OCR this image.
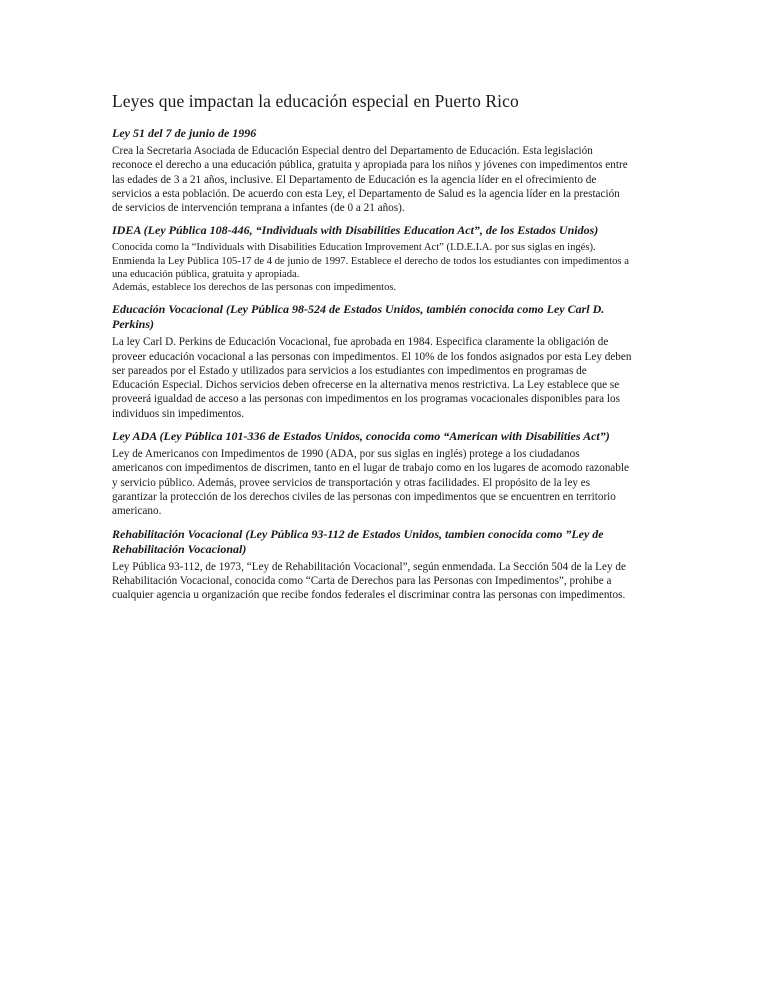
Leyes que impactan la educación especial en Puerto Rico
Ley 51 del 7 de junio de 1996

Crea la Secretaria Asociada de Educación Especial dentro del Departamento de Educación. Esta legislación reconoce el derecho a una educación pública, gratuita y apropiada para los niños y jóvenes con impedimentos entre las edades de 3 a 21 años, inclusive. El Departamento de Educación es la agencia líder en el ofrecimiento de servicios a esta población. De acuerdo con esta Ley, el Departamento de Salud es la agencia líder en la prestación de servicios de intervención temprana a infantes (de 0 a 21 años).

IDEA (Ley Pública 108-446, “Individuals with Disabilities Education Act”, de los Estados Unidos)

Conocida como la “Individuals with Disabilities Education Improvement Act” (I.D.E.I.A. por sus siglas en ingés). Enmienda la Ley Pública 105-17 de 4 de junio de 1997. Establece el derecho de todos los estudiantes con impedimentos a una educación pública, gratuita y apropiada.

Además, establece los derechos de las personas con impedimentos.

Educación Vocacional (Ley Pública 98-524 de Estados Unidos, también conocida como Ley Carl D. Perkins)

La ley Carl D. Perkins de Educación Vocacional, fue aprobada en 1984. Especifica claramente la obligación de proveer educación vocacional a las personas con impedimentos. El 10% de los fondos asignados por esta Ley deben ser pareados por el Estado y utilizados para servicios a los estudiantes con impedimentos en programas de Educación Especial. Dichos servicios deben ofrecerse en la alternativa menos restrictiva. La Ley establece que se proveerá igualdad de acceso a las personas con impedimentos en los programas vocacionales disponibles para los individuos sin impedimentos.

Ley ADA (Ley Pública 101-336 de Estados Unidos, conocida como “American with Disabilities Act”)

Ley de Americanos con Impedimentos de 1990 (ADA, por sus siglas en inglés) protege a los ciudadanos americanos con impedimentos de discrimen, tanto en el lugar de trabajo como en los lugares de acomodo razonable y servicio público. Además, provee servicios de transportación y otras facilidades. El propósito de la ley es garantizar la protección de los derechos civiles de las personas con impedimentos que se encuentren en territorio americano.

Rehabilitación Vocacional (Ley Pública 93-112 de Estados Unidos, tambien conocida como ”Ley de Rehabilitación Vocacional)

Ley Pública 93-112, de 1973, “Ley de Rehabilitación Vocacional”, según enmendada. La Sección 504 de la Ley de Rehabilitación Vocacional, conocida como “Carta de Derechos para las Personas con Impedimentos”, prohibe a cualquier agencia u organización que recibe fondos federales el discriminar contra las personas con impedimentos.
